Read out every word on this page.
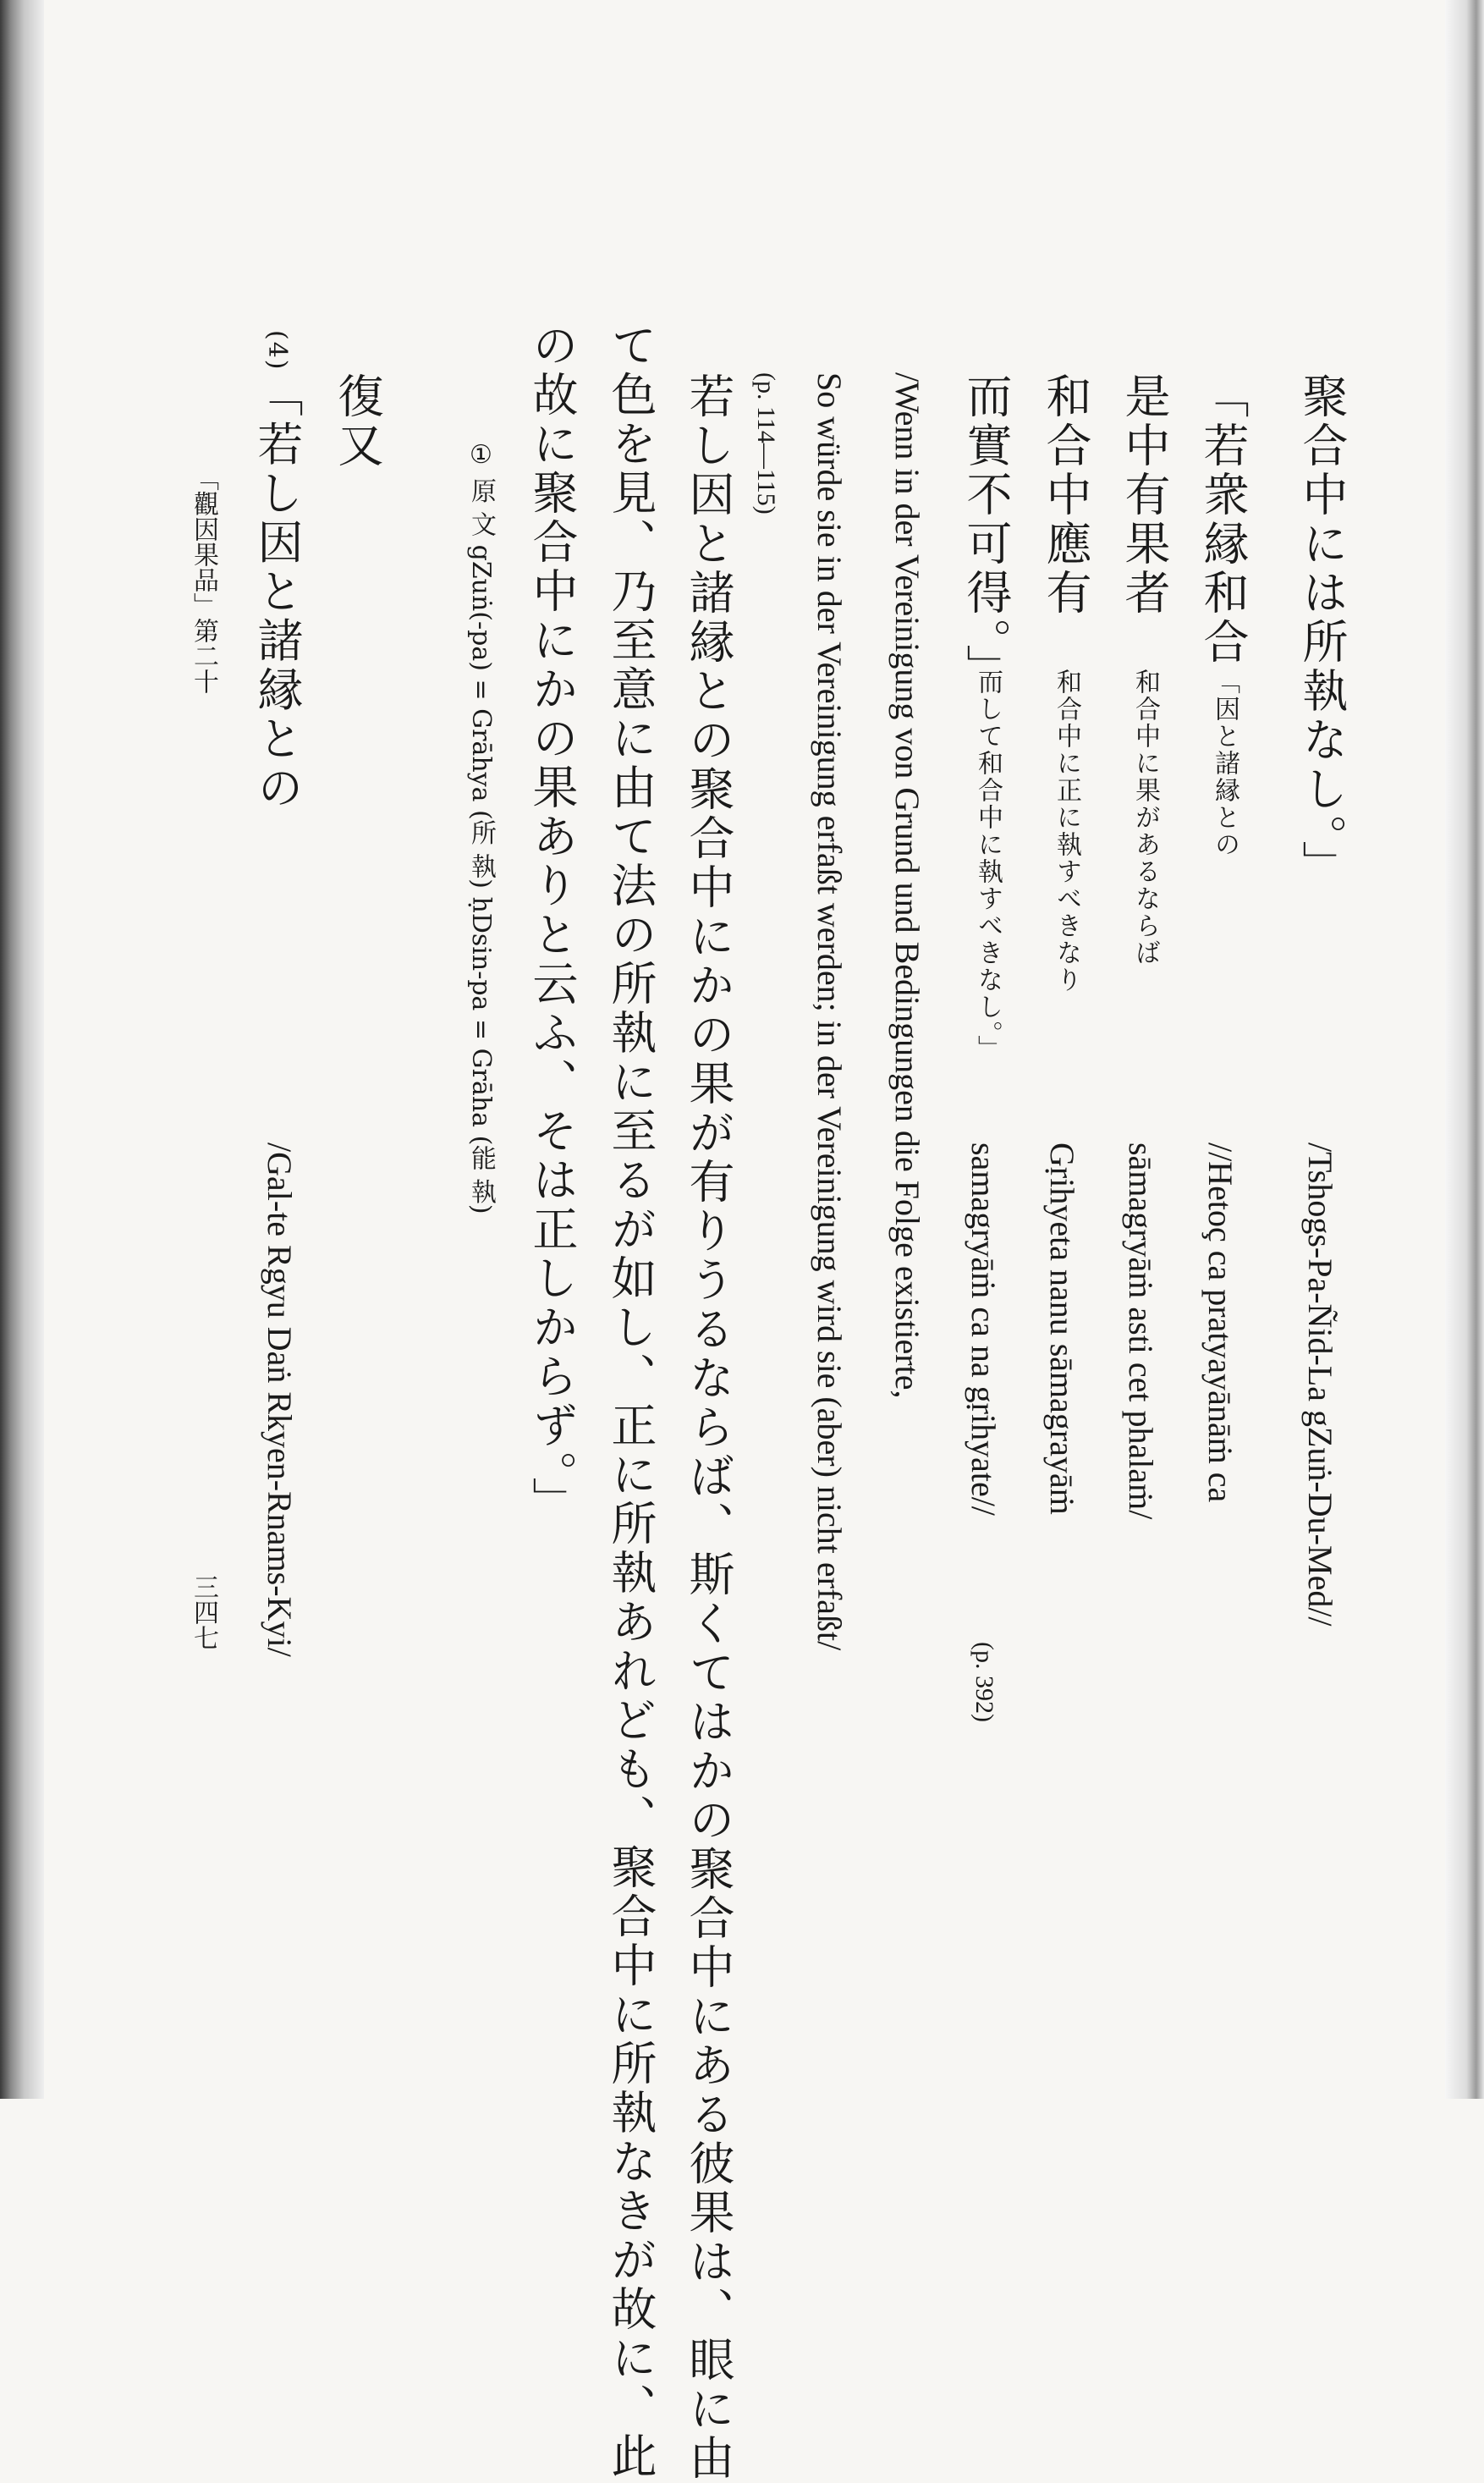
聚合中には所執なし。」
/Tshogs-Pa-Ñid-La gZuṅ-Du-Med//
「若衆縁和合
是中有果者
和合中應有
而實不可得。」
「因と諸縁との
和合中に果があるならば
和合中に正に執すべきなり
而して和合中に執すべきなし。」
//Hetoç ca pratyayānāṁ ca
sāmagryāṁ asti cet phalaṁ/
Gṛihyeta nanu sāmagrayāṁ
samagryāṁ ca na gṛihyate//
(p. 392)
/Wenn in der Vereinigung von Grund und Bedingungen die Folge existierte,
So würde sie in der Vereinigung erfaßt werden; in der Vereinigung wird sie (aber) nicht erfaßt/
(p. 114—115)
若し因と諸縁との聚合中にかの果が有りうるならば、斯くてはかの聚合中にある彼果は、眼に由
て色を見、乃至意に由て法の所執に至るが如し、正に所執あれども、聚合中に所執なきが故に、此
の故に聚合中にかの果ありと云ふ、そは正しからず。」
① 原 文 gZuṅ(-pa) = Grāhya (所 執) ḥDsin-pa = Grāha (能 執)
復又
(4)「若し因と諸縁との
/Gal-te Rgyu Daṅ Rkyen-Rnams-Kyi/
「觀因果品」第二十
三四七
